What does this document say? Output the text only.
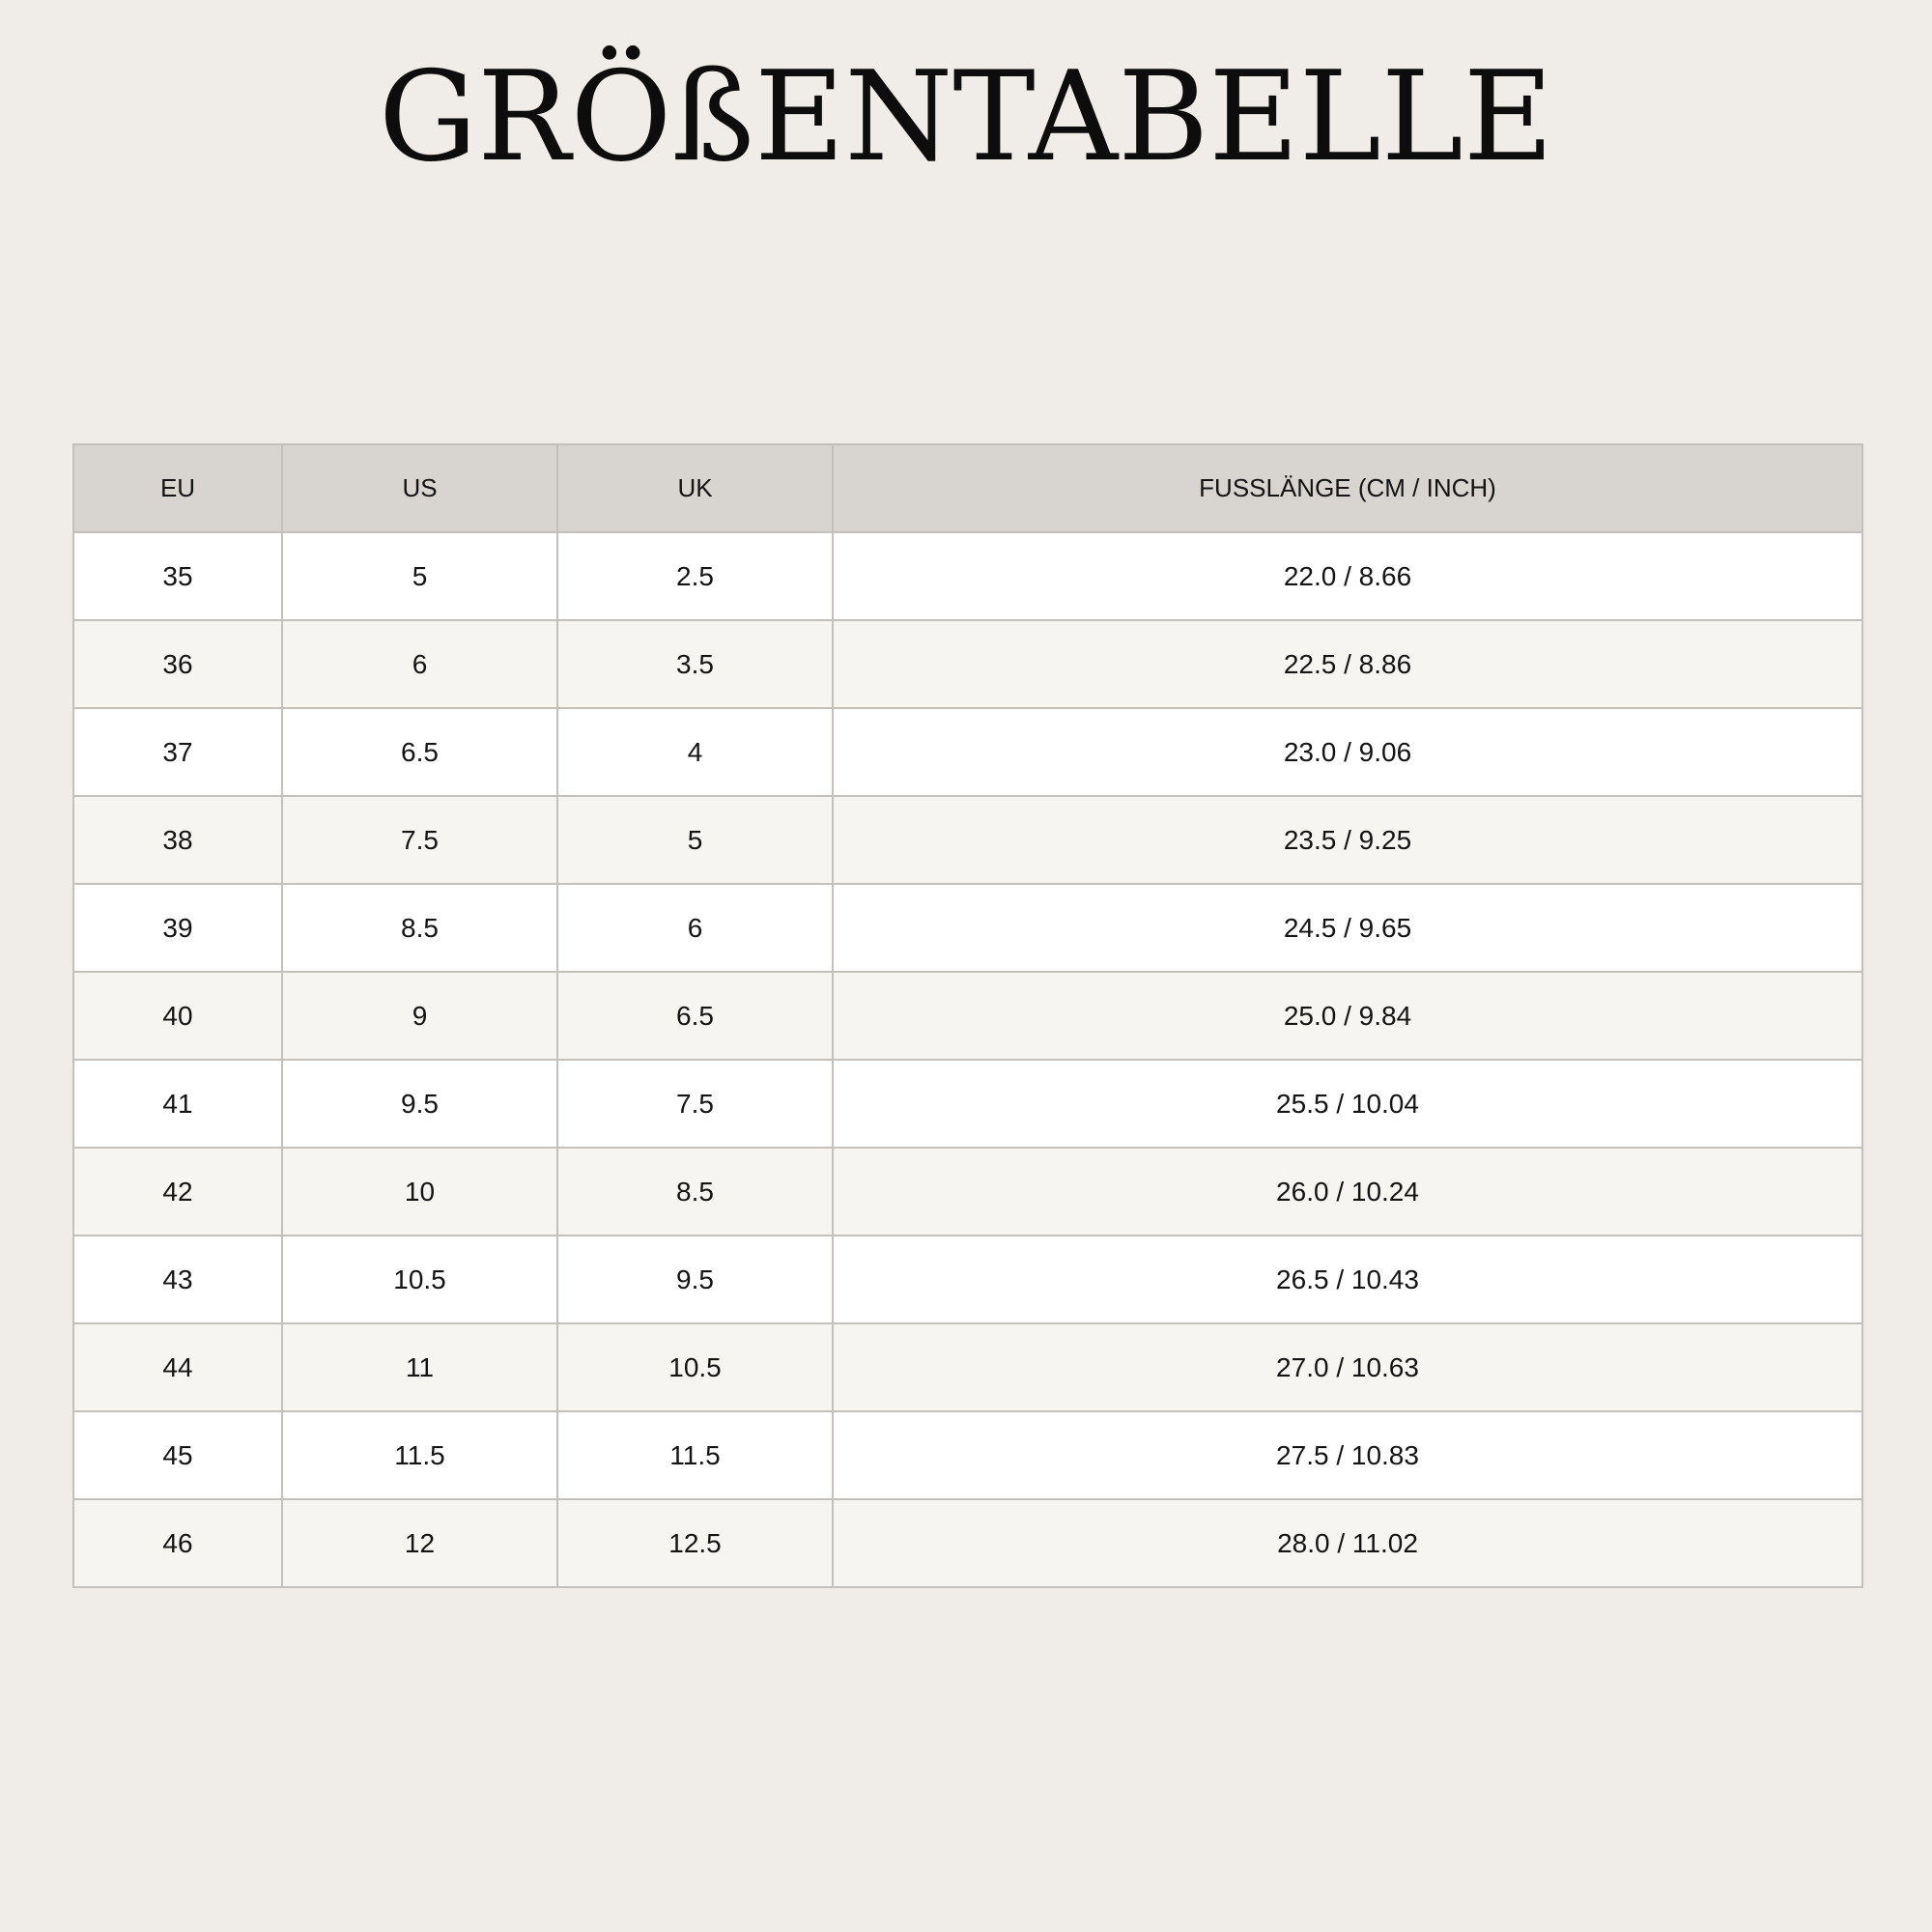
GRÖßENTABELLE
EU	US	UK	FUSSLÄNGE (CM / INCH)
35	5	2.5	22.0 / 8.66
36	6	3.5	22.5 / 8.86
37	6.5	4	23.0 / 9.06
38	7.5	5	23.5 / 9.25
39	8.5	6	24.5 / 9.65
40	9	6.5	25.0 / 9.84
41	9.5	7.5	25.5 / 10.04
42	10	8.5	26.0 / 10.24
43	10.5	9.5	26.5 / 10.43
44	11	10.5	27.0 / 10.63
45	11.5	11.5	27.5 / 10.83
46	12	12.5	28.0 / 11.02
